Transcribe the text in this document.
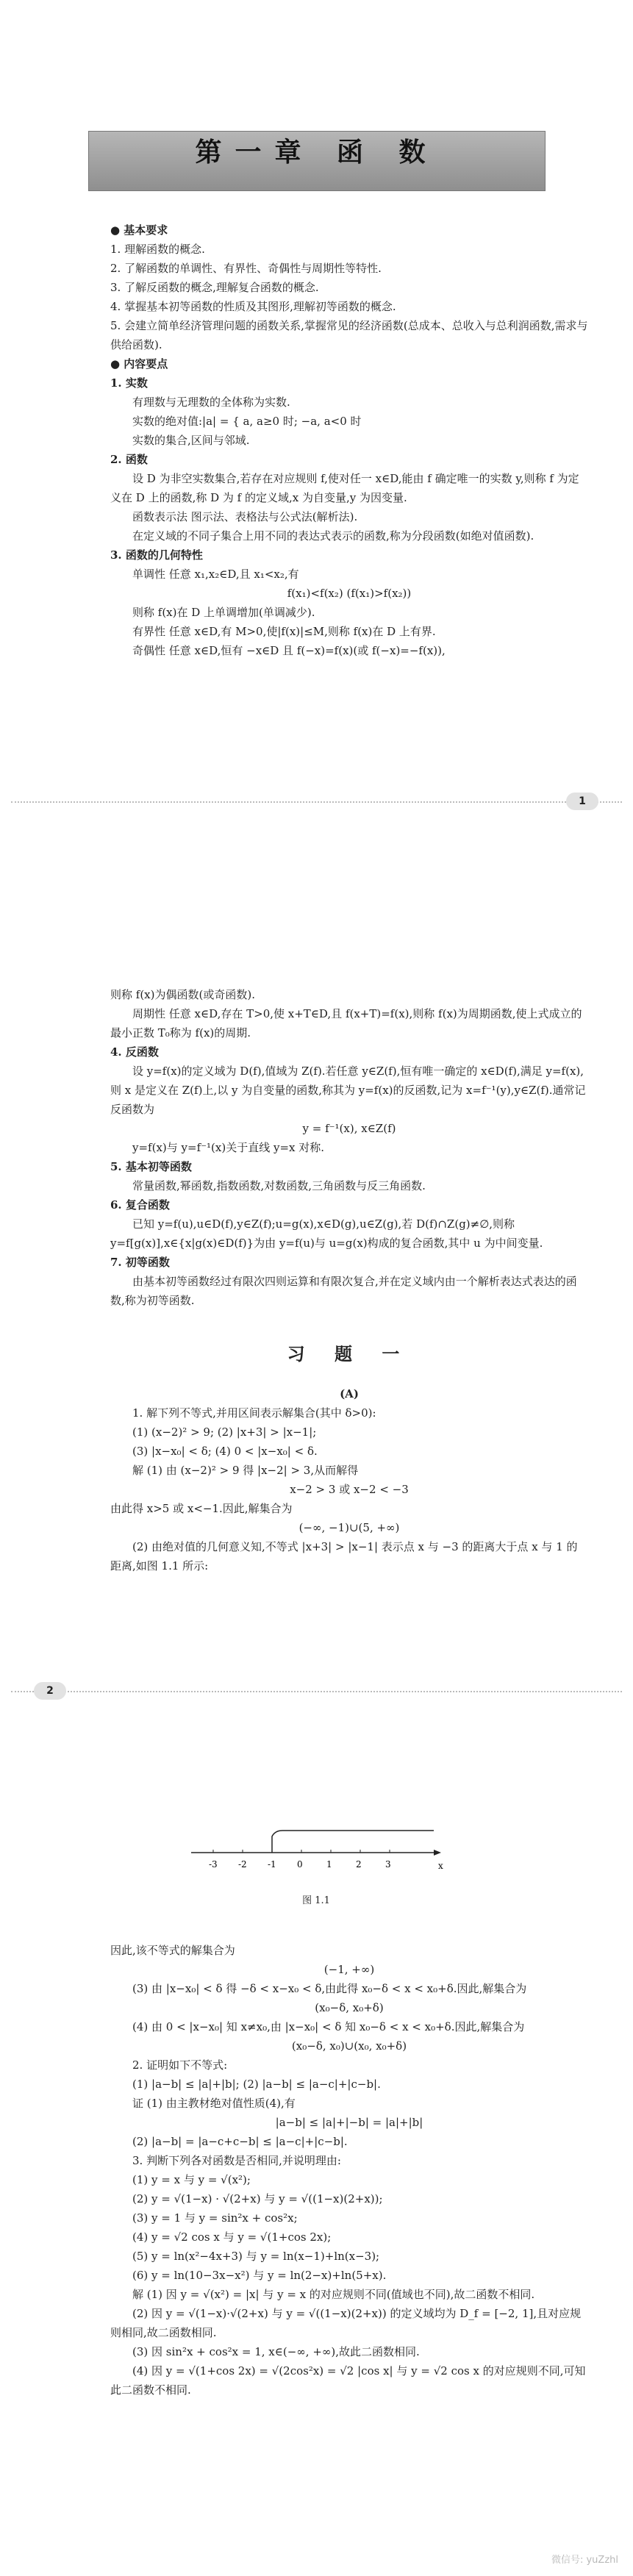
第一章 函 数

● 基本要求

1. 理解函数的概念.

2. 了解函数的单调性、有界性、奇偶性与周期性等特性.

3. 了解反函数的概念,理解复合函数的概念.

4. 掌握基本初等函数的性质及其图形,理解初等函数的概念.

5. 会建立简单经济管理问题的函数关系,掌握常见的经济函数(总成本、总收入与总利润函数,需求与供给函数).

● 内容要点

1. 实数

有理数与无理数的全体称为实数.

实数的绝对值:|a| = { a, a≥0 时; −a, a<0 时

实数的集合,区间与邻域.

2. 函数

设 D 为非空实数集合,若存在对应规则 f,使对任一 x∈D,能由 f 确定唯一的实数 y,则称 f 为定义在 D 上的函数,称 D 为 f 的定义域,x 为自变量,y 为因变量.

函数表示法 图示法、表格法与公式法(解析法).

在定义域的不同子集合上用不同的表达式表示的函数,称为分段函数(如绝对值函数).

3. 函数的几何特性

单调性 任意 x₁,x₂∈D,且 x₁<x₂,有

f(x₁)<f(x₂) (f(x₁)>f(x₂))

则称 f(x)在 D 上单调增加(单调减少).

有界性 任意 x∈D,有 M>0,使|f(x)|≤M,则称 f(x)在 D 上有界.

奇偶性 任意 x∈D,恒有 −x∈D 且 f(−x)=f(x)(或 f(−x)=−f(x)),

1

则称 f(x)为偶函数(或奇函数).

周期性 任意 x∈D,存在 T>0,使 x+T∈D,且 f(x+T)=f(x),则称 f(x)为周期函数,使上式成立的最小正数 T₀称为 f(x)的周期.

4. 反函数

设 y=f(x)的定义域为 D(f),值域为 Z(f).若任意 y∈Z(f),恒有唯一确定的 x∈D(f),满足 y=f(x),则 x 是定义在 Z(f)上,以 y 为自变量的函数,称其为 y=f(x)的反函数,记为 x=f⁻¹(y),y∈Z(f).通常记反函数为

y = f⁻¹(x), x∈Z(f)

y=f(x)与 y=f⁻¹(x)关于直线 y=x 对称.

5. 基本初等函数

常量函数,幂函数,指数函数,对数函数,三角函数与反三角函数.

6. 复合函数

已知 y=f(u),u∈D(f),y∈Z(f);u=g(x),x∈D(g),u∈Z(g),若 D(f)∩Z(g)≠∅,则称 y=f[g(x)],x∈{x|g(x)∈D(f)}为由 y=f(u)与 u=g(x)构成的复合函数,其中 u 为中间变量.

7. 初等函数

由基本初等函数经过有限次四则运算和有限次复合,并在定义域内由一个解析表达式表达的函数,称为初等函数.

习 题 一

(A)

1. 解下列不等式,并用区间表示解集合(其中 δ>0):

(1) (x−2)² > 9; (2) |x+3| > |x−1|;

(3) |x−x₀| < δ; (4) 0 < |x−x₀| < δ.

解 (1) 由 (x−2)² > 9 得 |x−2| > 3,从而解得

x−2 > 3 或 x−2 < −3

由此得 x>5 或 x<−1.因此,解集合为

(−∞, −1)∪(5, +∞)

(2) 由绝对值的几何意义知,不等式 |x+3| > |x−1| 表示点 x 与 −3 的距离大于点 x 与 1 的距离,如图 1.1 所示:

2
-3 -2 -1 0	1	2	3	x
图 1.1

因此,该不等式的解集合为

(−1, +∞)

(3) 由 |x−x₀| < δ 得 −δ < x−x₀ < δ,由此得 x₀−δ < x < x₀+δ.因此,解集合为

(x₀−δ, x₀+δ)

(4) 由 0 < |x−x₀| 知 x≠x₀,由 |x−x₀| < δ 知 x₀−δ < x < x₀+δ.因此,解集合为

(x₀−δ, x₀)∪(x₀, x₀+δ)

2. 证明如下不等式:

(1) |a−b| ≤ |a|+|b|; (2) |a−b| ≤ |a−c|+|c−b|.

证 (1) 由主教材绝对值性质(4),有

|a−b| ≤ |a|+|−b| = |a|+|b|

(2) |a−b| = |a−c+c−b| ≤ |a−c|+|c−b|.

3. 判断下列各对函数是否相同,并说明理由:

(1) y = x 与 y = √(x²);

(2) y = √(1−x) · √(2+x) 与 y = √((1−x)(2+x));

(3) y = 1 与 y = sin²x + cos²x;

(4) y = √2 cos x 与 y = √(1+cos 2x);

(5) y = ln(x²−4x+3) 与 y = ln(x−1)+ln(x−3);

(6) y = ln(10−3x−x²) 与 y = ln(2−x)+ln(5+x).

解 (1) 因 y = √(x²) = |x| 与 y = x 的对应规则不同(值域也不同),故二函数不相同.

(2) 因 y = √(1−x)·√(2+x) 与 y = √((1−x)(2+x)) 的定义域均为 D_f = [−2, 1],且对应规则相同,故二函数相同.

(3) 因 sin²x + cos²x = 1, x∈(−∞, +∞),故此二函数相同.

(4) 因 y = √(1+cos 2x) = √(2cos²x) = √2 |cos x| 与 y = √2 cos x 的对应规则不同,可知此二函数不相同.

微信号: yuZzhl
